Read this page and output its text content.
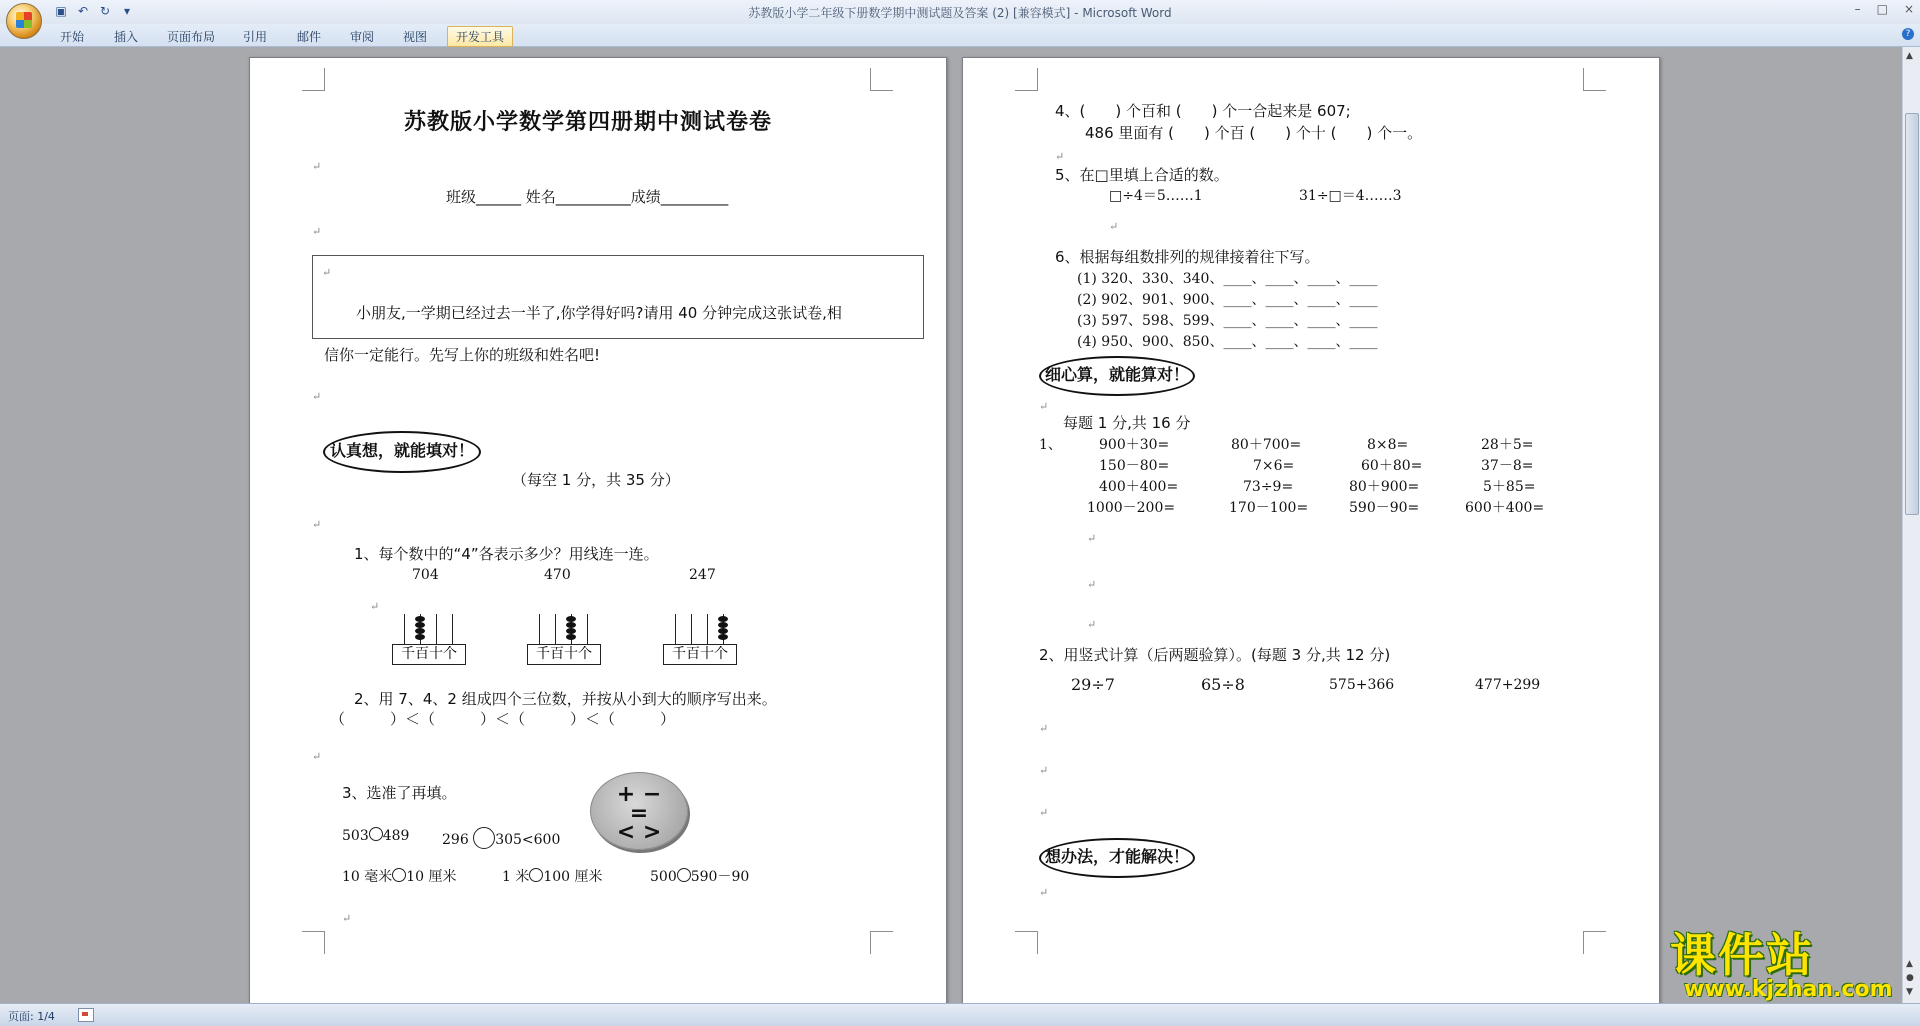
▣ ↶ ↻	▾	苏教版小学二年级下册数学期中测试题及答案 (2) [兼容模式] - Microsoft Word	– □ ×
开始 插入 页面布局 引用 邮件 审阅 视图	开发工具	?
苏教版小学数学第四册期中测试卷卷
↵
班级______ 姓名__________成绩_________
↵
↵
小朋友,一学期已经过去一半了,你学得好吗?请用 40 分钟完成这张试卷,相
信你一定能行。先写上你的班级和姓名吧!
↵
认真想，就能填对！
（每空 1 分，共 35 分）
↵
1、每个数中的“4”各表示多少？用线连一连。
704	470	247
↵
千百十个	千百十个	千百十个
2、用 7、4、2 组成四个三位数，并按从小到大的顺序写出来。
（　　　）＜（　　　）＜（　　　）＜（　　　）
↵
3、选准了再填。	+ −
=
< >
503 489 296 305<600
10 毫米 10 厘米	1 米 100 厘米	500 590－90
↵
4、(　　) 个百和 (　　) 个一合起来是 607;
486 里面有 (　　) 个百 (　　) 个十 (　　) 个一。
↵
5、在□里填上合适的数。
□÷4＝5……1	31÷□＝4……3
↵
6、根据每组数排列的规律接着往下写。
(1) 320、330、340、____、____、____、____
(2) 902、901、900、____、____、____、____
(3) 597、598、599、____、____、____、____
(4) 950、900、850、____、____、____、____
细心算，就能算对！
↵
每题 1 分,共 16 分
1、	900＋30=	80＋700=	8×8=	28＋5=
150－80=	7×6=	60＋80=	37－8=
400＋400=	73÷9=	80＋900=	5＋85=
1000－200=	170－100=	590－90=	600＋400=
↵
↵
↵
2、用竖式计算（后两题验算）。(每题 3 分,共 12 分)
29÷7	65÷8	575+366	477+299
↵
↵
↵
想办法，才能解决！
↵
▲
▲
●
▼
课件站
www.kjzhan.com
页面: 1/4
